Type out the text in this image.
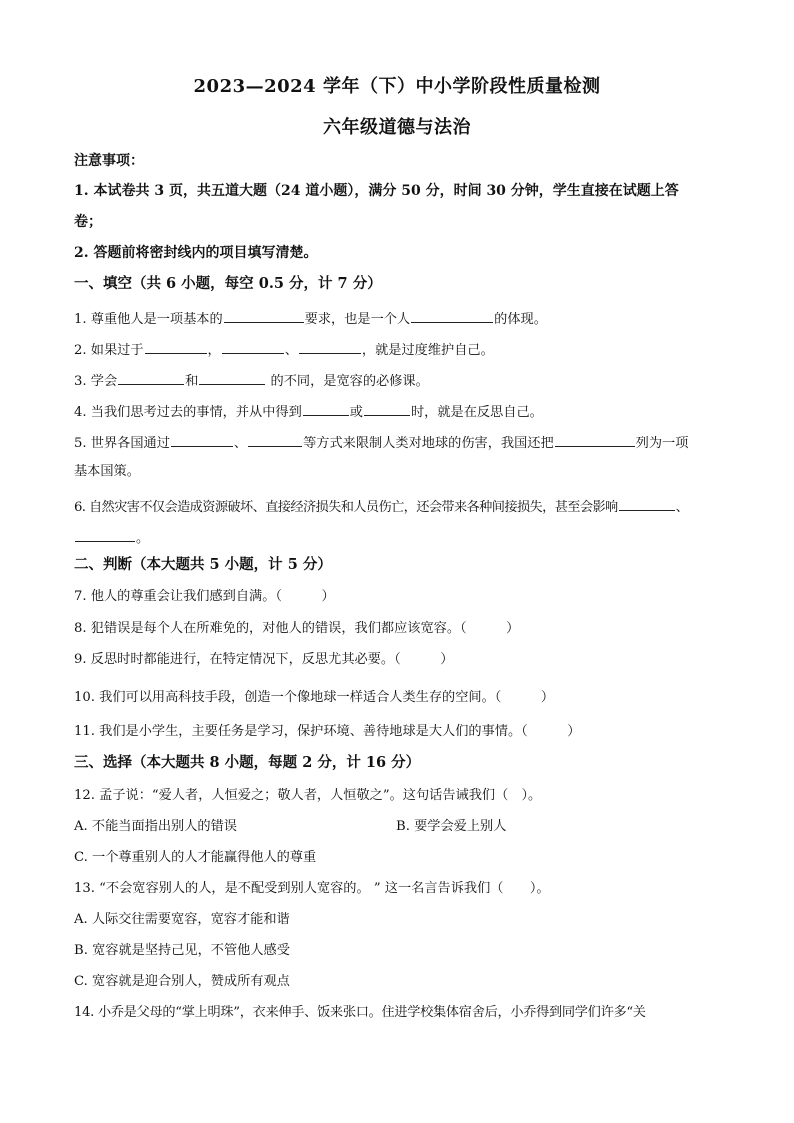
2023—2024 学年（下）中小学阶段性质量检测
六年级道德与法治
注意事项：
1. 本试卷共 3 页，共五道大题（24 道小题），满分 50 分，时间 30 分钟，学生直接在试题上答
卷；
2. 答题前将密封线内的项目填写清楚。
一、填空（共 6 小题，每空 0.5 分，计 7 分）
1. 尊重他人是一项基本的	要求，也是一个人	的体现。
2. 如果过于	，	、	，就是过度维护自己。
3. 学会	和	的不同，是宽容的必修课。
4. 当我们思考过去的事情，并从中得到	或	时，就是在反思自己。
5. 世界各国通过	、	等方式来限制人类对地球的伤害，我国还把	列为一项
基本国策。
6. 自然灾害不仅会造成资源破坏、直接经济损失和人员伤亡，还会带来各种间接损失，甚至会影响	、
。
二、判断（本大题共 5 小题，计 5 分）
7. 他人的尊重会让我们感到自满。（　　　）
8. 犯错误是每个人在所难免的，对他人的错误，我们都应该宽容。（　　　）
9. 反思时时都能进行，在特定情况下，反思尤其必要。（　　　）
10. 我们可以用高科技手段，创造一个像地球一样适合人类生存的空间。（　　　）
11. 我们是小学生，主要任务是学习，保护环境、善待地球是大人们的事情。（　　　）
三、选择（本大题共 8 小题，每题 2 分，计 16 分）
12. 孟子说：“爱人者，人恒爱之；敬人者，人恒敬之”。这句话告诫我们（　）。
A. 不能当面指出别人的错误	B. 要学会爱上别人
C. 一个尊重别人的人才能赢得他人的尊重
13. “不会宽容别人的人，是不配受到别人宽容的。 ” 这一名言告诉我们（　　）。
A. 人际交往需要宽容，宽容才能和谐
B. 宽容就是坚持己见，不管他人感受
C. 宽容就是迎合别人，赞成所有观点
14. 小乔是父母的“掌上明珠”，衣来伸手、饭来张口。住进学校集体宿舍后，小乔得到同学们许多“关
